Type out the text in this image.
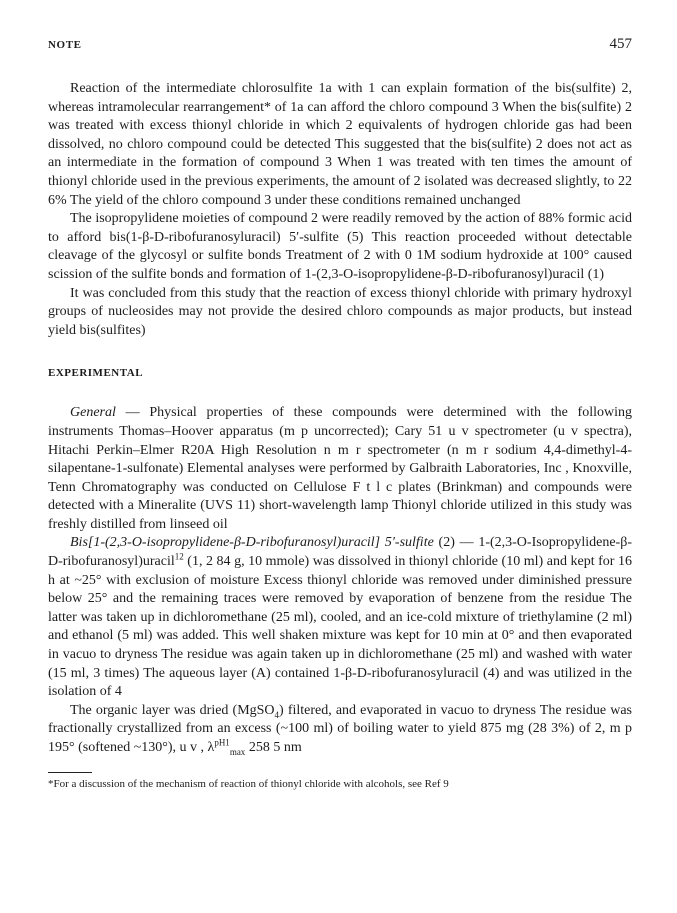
NOTE	457

Reaction of the intermediate chlorosulfite 1a with 1 can explain formation of the bis(sulfite) 2, whereas intramolecular rearrangement* of 1a can afford the chloro compound 3 When the bis(sulfite) 2 was treated with excess thionyl chloride in which 2 equivalents of hydrogen chloride gas had been dissolved, no chloro compound could be detected This suggested that the bis(sulfite) 2 does not act as an intermediate in the formation of compound 3 When 1 was treated with ten times the amount of thionyl chloride used in the previous experiments, the amount of 2 isolated was decreased slightly, to 22 6% The yield of the chloro compound 3 under these conditions remained unchanged

The isopropylidene moieties of compound 2 were readily removed by the action of 88% formic acid to afford bis(1-β-D-ribofuranosyluracil) 5′-sulfite (5) This reaction proceeded without detectable cleavage of the glycosyl or sulfite bonds Treatment of 2 with 0 1M sodium hydroxide at 100° caused scission of the sulfite bonds and formation of 1-(2,3-O-isopropylidene-β-D-ribofuranosyl)uracil (1)

It was concluded from this study that the reaction of excess thionyl chloride with primary hydroxyl groups of nucleosides may not provide the desired chloro compounds as major products, but instead yield bis(sulfites)

EXPERIMENTAL

General — Physical properties of these compounds were determined with the following instruments Thomas–Hoover apparatus (m p uncorrected); Cary 51 u v spectrometer (u v spectra), Hitachi Perkin–Elmer R20A High Resolution n m r spectrometer (n m r sodium 4,4-dimethyl-4-silapentane-1-sulfonate) Elemental analyses were performed by Galbraith Laboratories, Inc , Knoxville, Tenn Chromatography was conducted on Cellulose F t l c plates (Brinkman) and compounds were detected with a Mineralite (UVS 11) short-wavelength lamp Thionyl chloride utilized in this study was freshly distilled from linseed oil

Bis[1-(2,3-O-isopropylidene-β-D-ribofuranosyl)uracil] 5′-sulfite (2) — 1-(2,3-O-Isopropylidene-β-D-ribofuranosyl)uracil$^{12}$ (1, 2 84 g, 10 mmole) was dissolved in thionyl chloride (10 ml) and kept for 16 h at ~25° with exclusion of moisture Excess thionyl chloride was removed under diminished pressure below 25° and the remaining traces were removed by evaporation of benzene from the residue The latter was taken up in dichloromethane (25 ml), cooled, and an ice-cold mixture of triethylamine (2 ml) and ethanol (5 ml) was added. This well shaken mixture was kept for 10 min at 0° and then evaporated in vacuo to dryness The residue was again taken up in dichloromethane (25 ml) and washed with water (15 ml, 3 times) The aqueous layer (A) contained 1-β-D-ribofuranosyluracil (4) and was utilized in the isolation of 4

The organic layer was dried (MgSO$_4$) filtered, and evaporated in vacuo to dryness The residue was fractionally crystallized from an excess (~100 ml) of boiling water to yield 875 mg (28 3%) of 2, m p 195° (softened ~130°), u v , $\lambda^{pH1}_{max}$ 258 5 nm

*For a discussion of the mechanism of reaction of thionyl chloride with alcohols, see Ref 9
